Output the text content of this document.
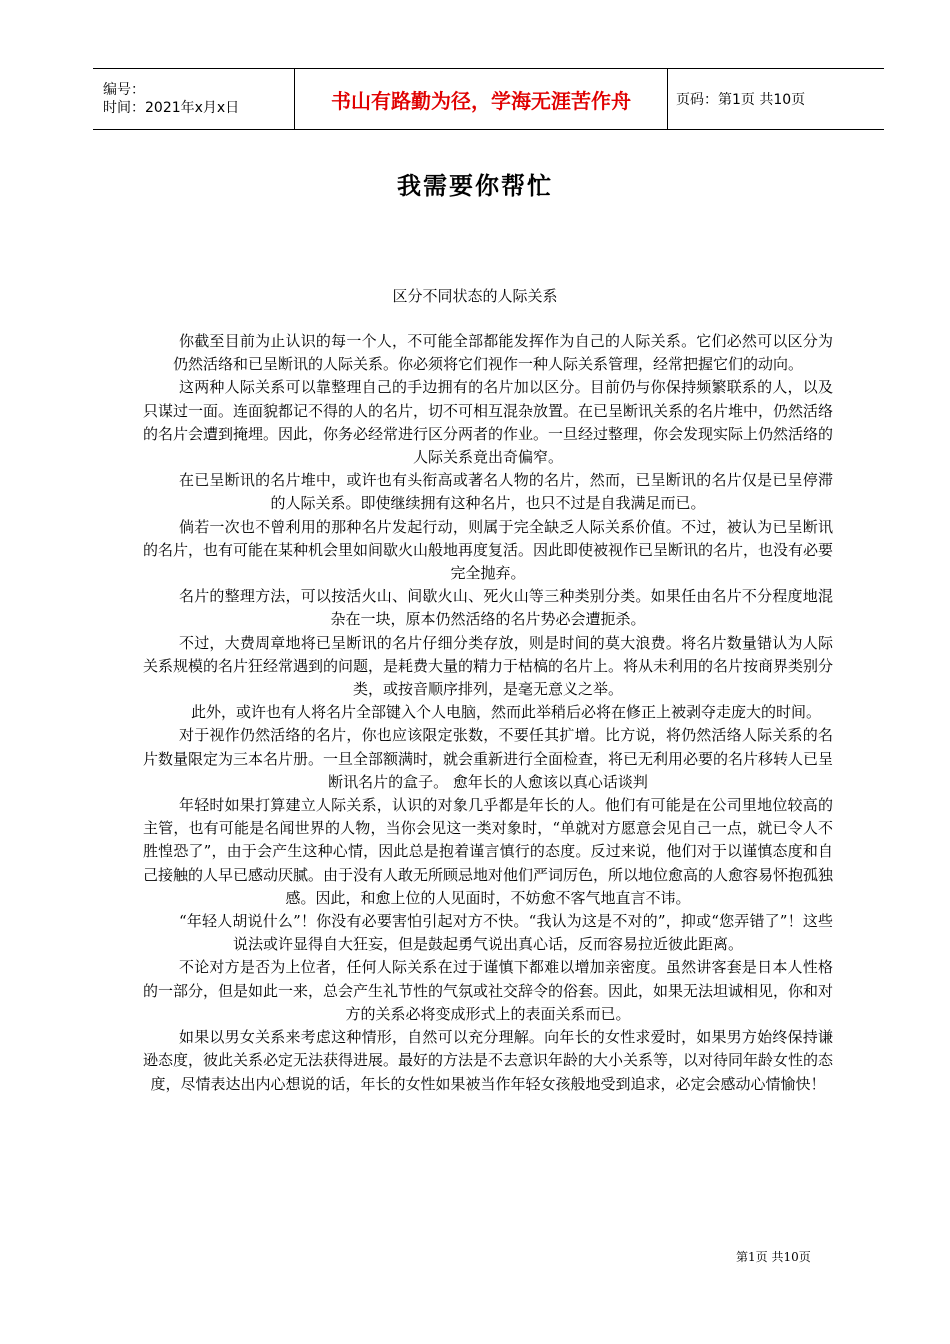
编号：
时间：2021年x月x日	书山有路勤为径，学海无涯苦作舟	页码：第1页 共10页
我需要你帮忙
区分不同状态的人际关系

你截至目前为止认识的每一个人，不可能全部都能发挥作为自己的人际关系。它们必然可以区分为仍然活络和已呈断讯的人际关系。你必须将它们视作一种人际关系管理，经常把握它们的动向。

这两种人际关系可以靠整理自己的手边拥有的名片加以区分。目前仍与你保持频繁联系的人，以及只谋过一面。连面貌都记不得的人的名片，切不可相互混杂放置。在已呈断讯关系的名片堆中，仍然活络的名片会遭到掩埋。因此，你务必经常进行区分两者的作业。一旦经过整理，你会发现实际上仍然活络的人际关系竟出奇偏窄。

在已呈断讯的名片堆中，或许也有头衔高或著名人物的名片，然而，已呈断讯的名片仅是已呈停滞的人际关系。即使继续拥有这种名片，也只不过是自我满足而已。

倘若一次也不曾利用的那种名片发起行动，则属于完全缺乏人际关系价值。不过，被认为已呈断讯的名片，也有可能在某种机会里如间歇火山般地再度复活。因此即使被视作已呈断讯的名片，也没有必要完全抛弃。

名片的整理方法，可以按活火山、间歇火山、死火山等三种类别分类。如果任由名片不分程度地混杂在一块，原本仍然活络的名片势必会遭扼杀。

不过，大费周章地将已呈断讯的名片仔细分类存放，则是时间的莫大浪费。将名片数量错认为人际关系规模的名片狂经常遇到的问题，是耗费大量的精力于枯槁的名片上。将从未利用的名片按商界类别分类，或按音顺序排列，是毫无意义之举。

此外，或许也有人将名片全部键入个人电脑，然而此举稍后必将在修正上被剥夺走庞大的时间。

对于视作仍然活络的名片，你也应该限定张数，不要任其扩增。比方说，将仍然活络人际关系的名片数量限定为三本名片册。一旦全部额满时，就会重新进行全面检查，将已无利用必要的名片移转人已呈断讯名片的盒子。 愈年长的人愈该以真心话谈判

年轻时如果打算建立人际关系，认识的对象几乎都是年长的人。他们有可能是在公司里地位较高的主管，也有可能是名闻世界的人物，当你会见这一类对象时，“单就对方愿意会见自己一点，就已令人不胜惶恐了”，由于会产生这种心情，因此总是抱着谨言慎行的态度。反过来说，他们对于以谨慎态度和自己接触的人早已感动厌腻。由于没有人敢无所顾忌地对他们严词厉色，所以地位愈高的人愈容易怀抱孤独感。因此，和愈上位的人见面时，不妨愈不客气地直言不讳。

“年轻人胡说什么”！你没有必要害怕引起对方不快。“我认为这是不对的”，抑或“您弄错了”！这些说法或许显得自大狂妄，但是鼓起勇气说出真心话，反而容易拉近彼此距离。

不论对方是否为上位者，任何人际关系在过于谨慎下都难以增加亲密度。虽然讲客套是日本人性格的一部分，但是如此一来，总会产生礼节性的气氛或社交辞令的俗套。因此，如果无法坦诚相见，你和对方的关系必将变成形式上的表面关系而已。

如果以男女关系来考虑这种情形，自然可以充分理解。向年长的女性求爱时，如果男方始终保持谦逊态度，彼此关系必定无法获得进展。最好的方法是不去意识年龄的大小关系等，以对待同年龄女性的态度，尽情表达出内心想说的话，年长的女性如果被当作年轻女孩般地受到追求，必定会感动心情愉快！

第1页 共10页
